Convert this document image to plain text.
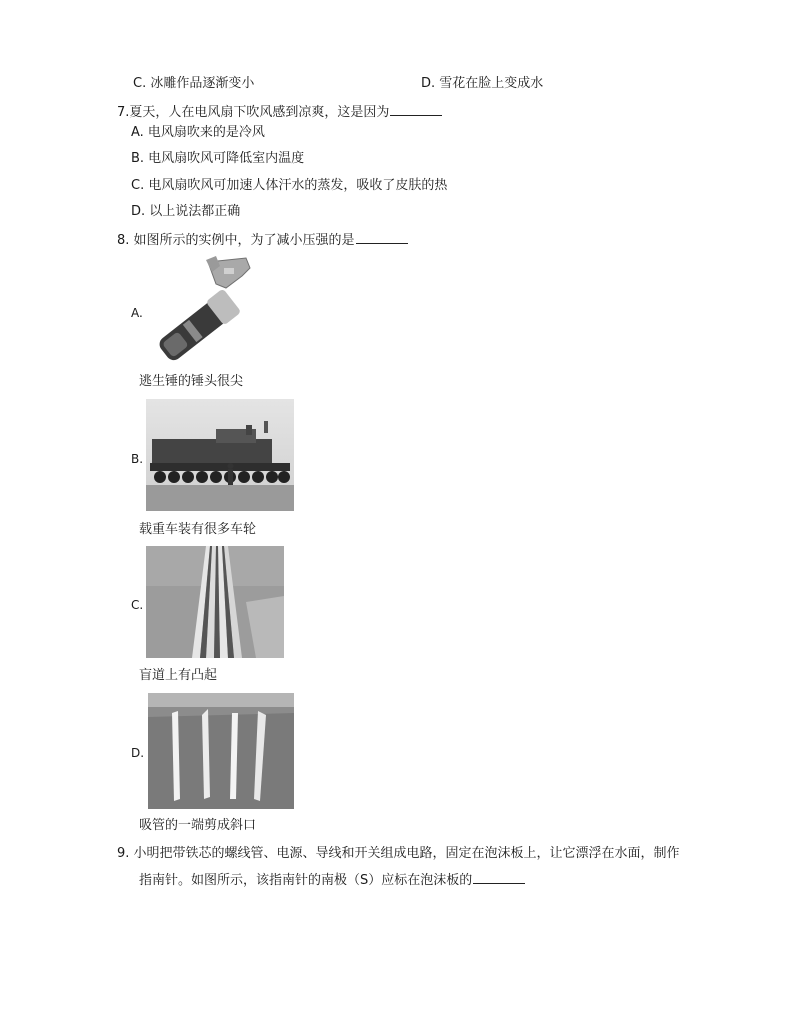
C. 冰雕作品逐渐变小	D. 雪花在脸上变成水
7.夏天，人在电风扇下吹风感到凉爽，这是因为
A. 电风扇吹来的是冷风
B. 电风扇吹风可降低室内温度
C. 电风扇吹风可加速人体汗水的蒸发，吸收了皮肤的热
D. 以上说法都正确
8. 如图所示的实例中，为了减小压强的是
A.
逃生锤的锤头很尖
B.
载重车装有很多车轮
C.
盲道上有凸起
D.
吸管的一端剪成斜口
9. 小明把带铁芯的螺线管、电源、导线和开关组成电路，固定在泡沫板上，让它漂浮在水面，制作
指南针。如图所示，该指南针的南极（S）应标在泡沫板的
